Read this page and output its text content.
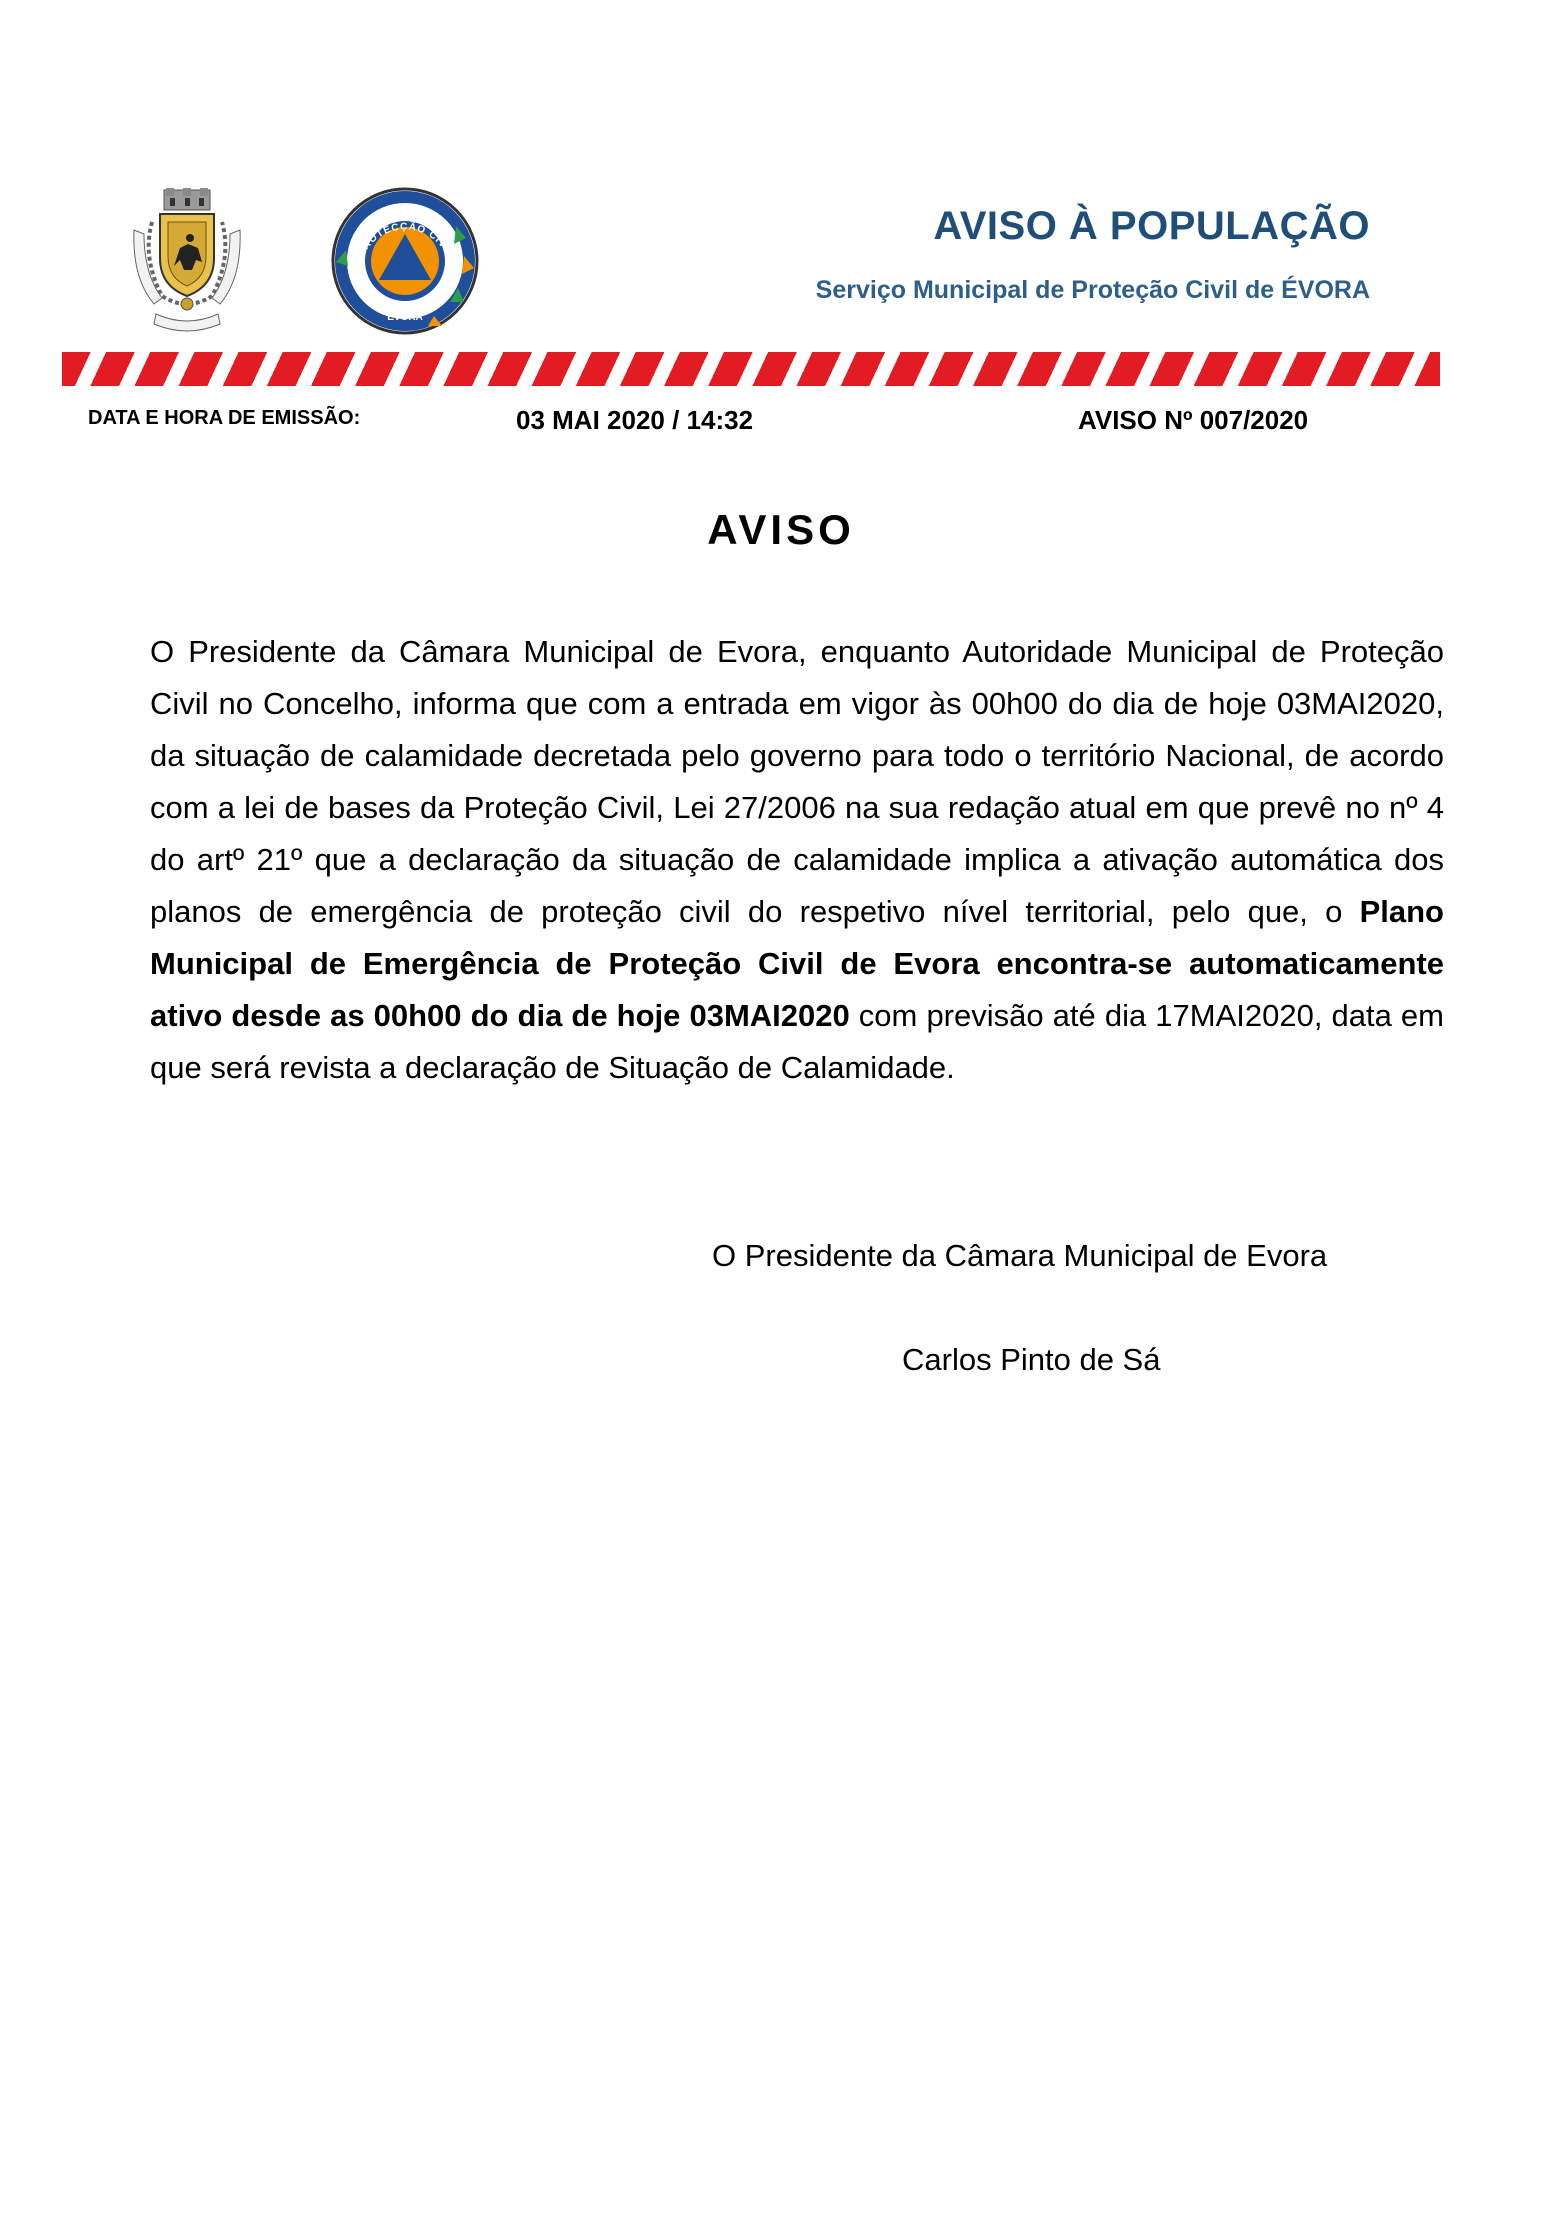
PROTECÇÃO CIVIL
EVORA
AVISO À POPULAÇÃO
Serviço Municipal de Proteção Civil de ÉVORA
DATA E HORA DE EMISSÃO:	03 MAI 2020 / 14:32	AVISO Nº 007/2020
AVISO
O Presidente da Câmara Municipal de Evora, enquanto Autoridade Municipal de Proteção Civil no Concelho, informa que com a entrada em vigor às 00h00 do dia de hoje 03MAI2020, da situação de calamidade decretada pelo governo para todo o território Nacional, de acordo com a lei de bases da Proteção Civil, Lei 27/2006 na sua redação atual em que prevê no nº 4 do artº 21º que a declaração da situação de calamidade implica a ativação automática dos planos de emergência de proteção civil do respetivo nível territorial, pelo que, o Plano Municipal de Emergência de Proteção Civil de Evora encontra-se automaticamente ativo desde as 00h00 do dia de hoje 03MAI2020 com previsão até dia 17MAI2020, data em que será revista a declaração de Situação de Calamidade.
O Presidente da Câmara Municipal de Evora
Carlos Pinto de Sá
